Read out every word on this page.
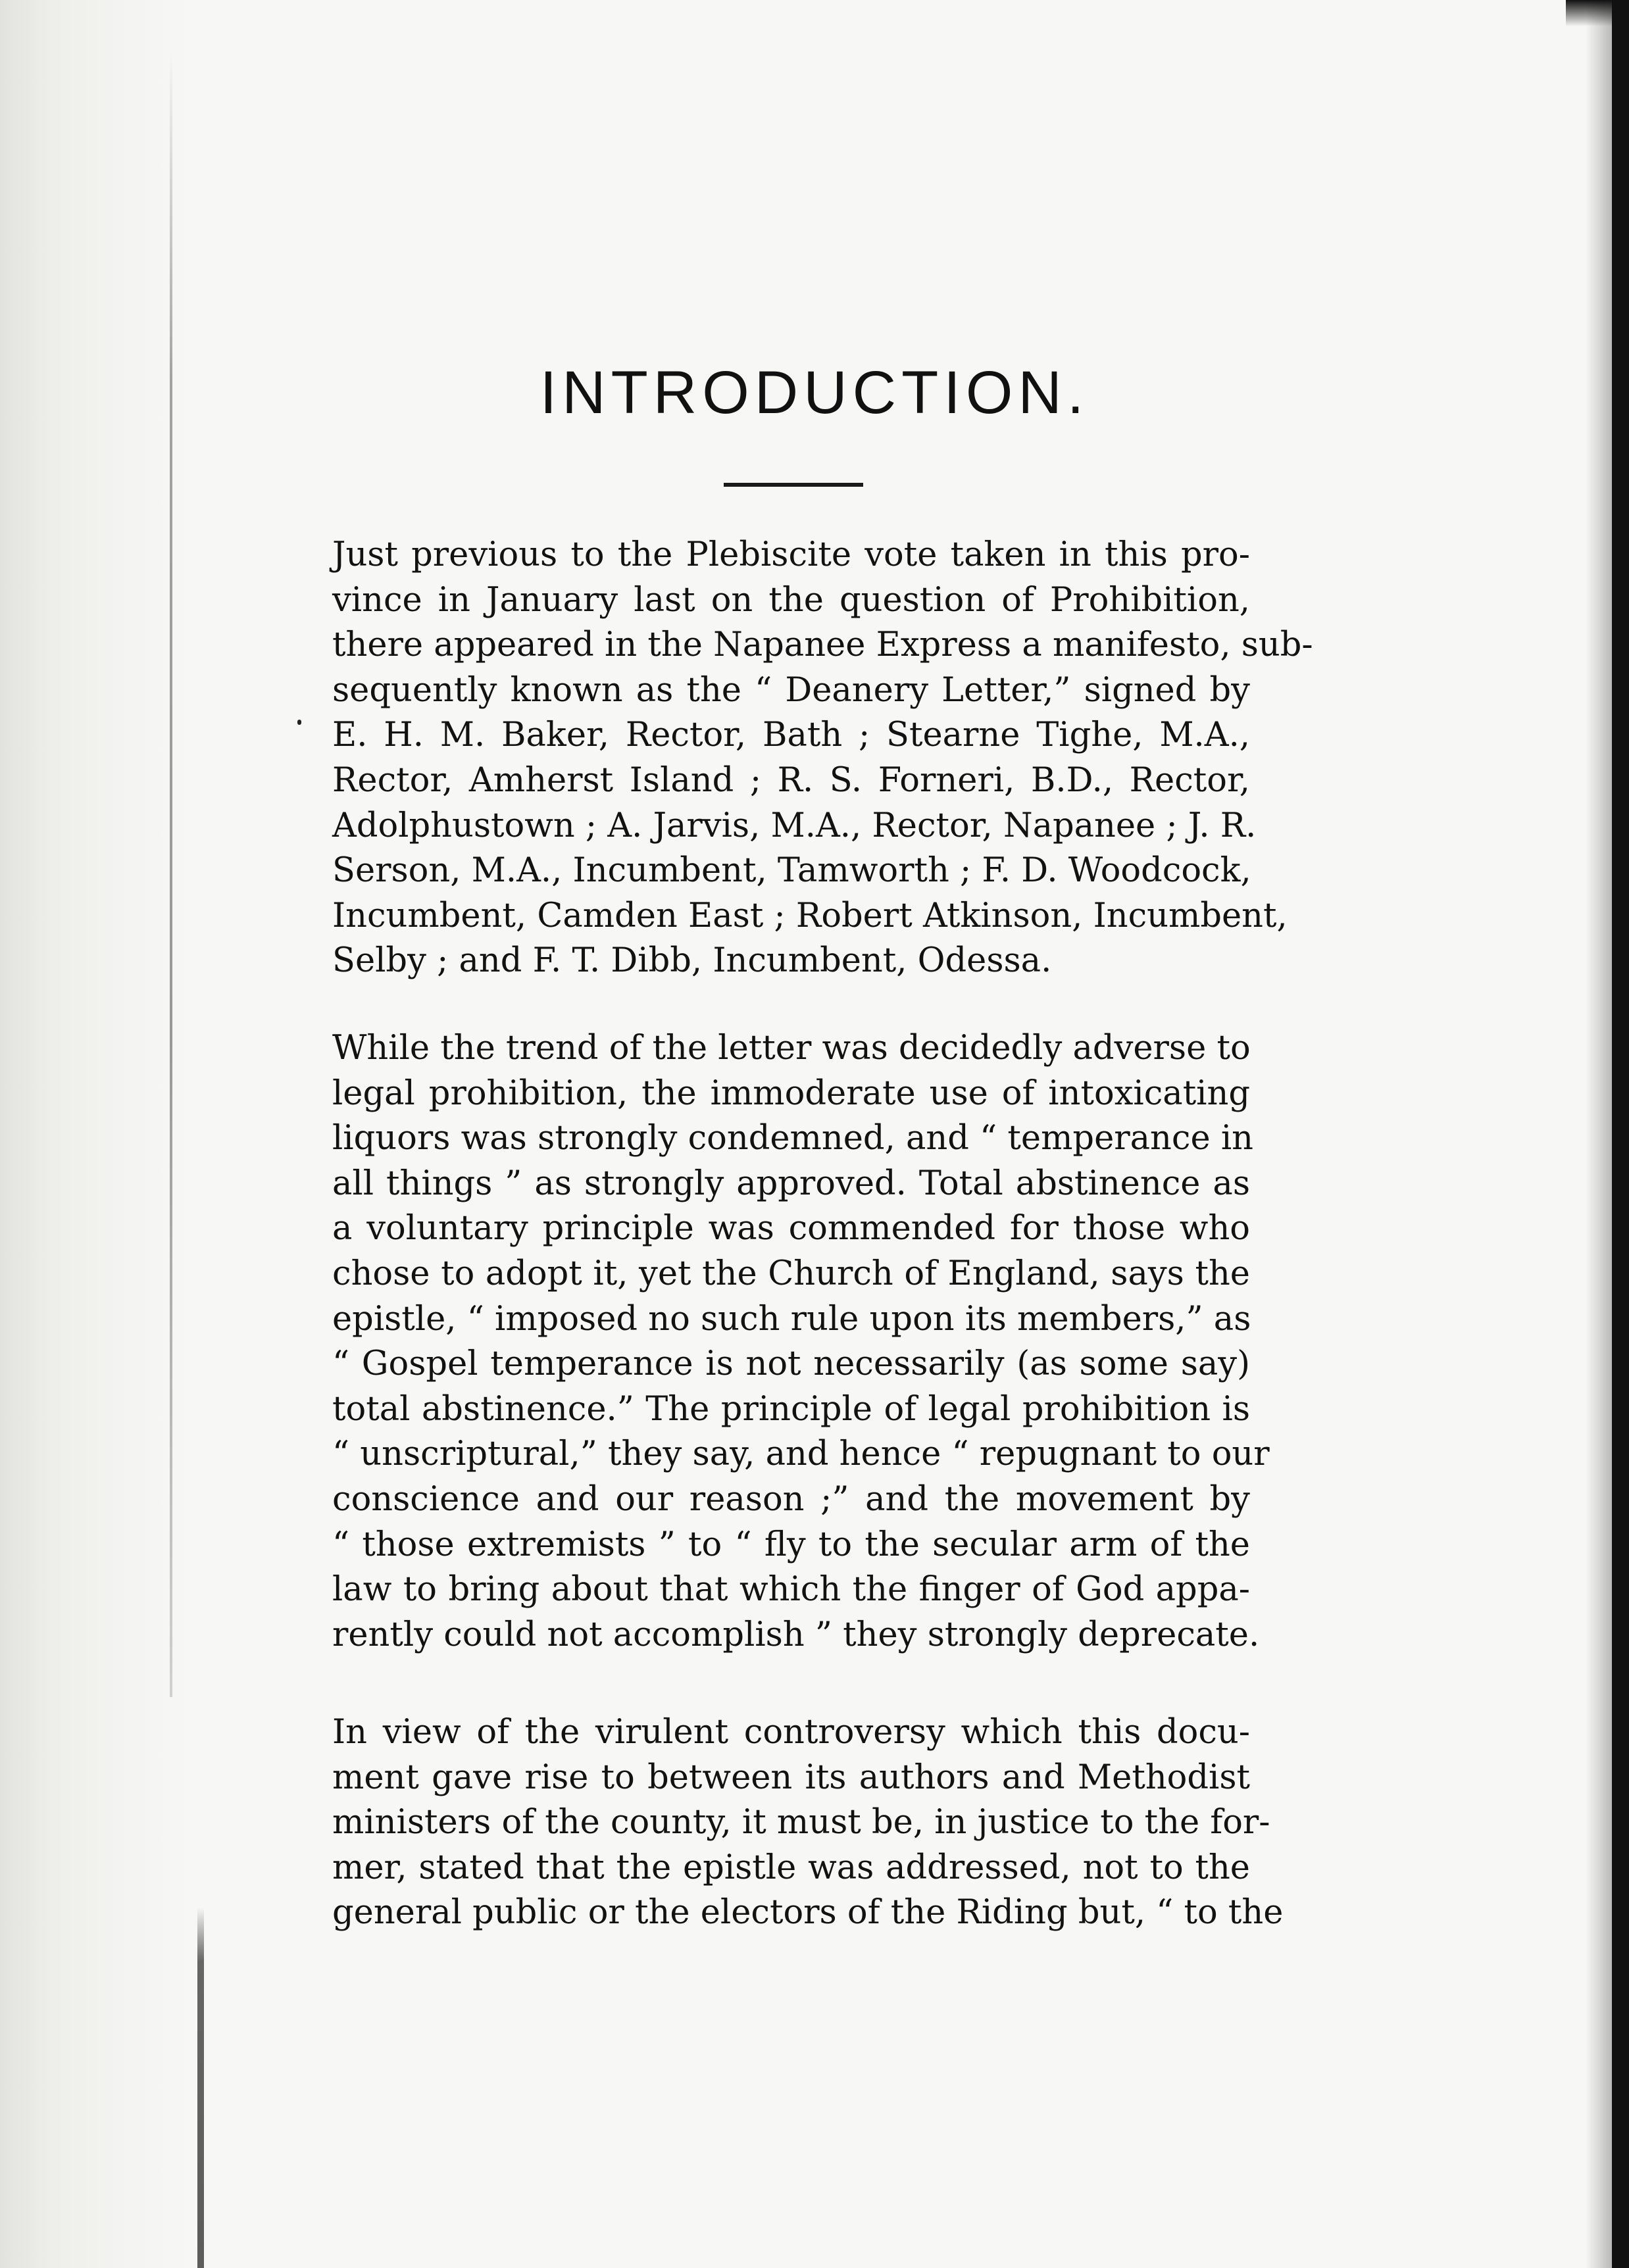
INTRODUCTION.
Just previous to the Plebiscite vote taken in this pro-
vince in January last on the question of Prohibition,
there appeared in the Napanee Express a manifesto, sub-
sequently known as the “ Deanery Letter,” signed by
E. H. M. Baker, Rector, Bath ; Stearne Tighe, M.A.,
Rector, Amherst Island ; R. S. Forneri, B.D., Rector,
Adolphustown ; A. Jarvis, M.A., Rector, Napanee ; J. R.
Serson, M.A., Incumbent, Tamworth ; F. D. Woodcock,
Incumbent, Camden East ; Robert Atkinson, Incumbent,
Selby ; and F. T. Dibb, Incumbent, Odessa.
While the trend of the letter was decidedly adverse to
legal prohibition, the immoderate use of intoxicating
liquors was strongly condemned, and “ temperance in
all things ” as strongly approved. Total abstinence as
a voluntary principle was commended for those who
chose to adopt it, yet the Church of England, says the
epistle, “ imposed no such rule upon its members,” as
“ Gospel temperance is not necessarily (as some say)
total abstinence.” The principle of legal prohibition is
“ unscriptural,” they say, and hence “ repugnant to our
conscience and our reason ;” and the movement by
“ those extremists ” to “ fly to the secular arm of the
law to bring about that which the finger of God appa-
rently could not accomplish ” they strongly deprecate.
In view of the virulent controversy which this docu-
ment gave rise to between its authors and Methodist
ministers of the county, it must be, in justice to the for-
mer, stated that the epistle was addressed, not to the
general public or the electors of the Riding but, “ to the
